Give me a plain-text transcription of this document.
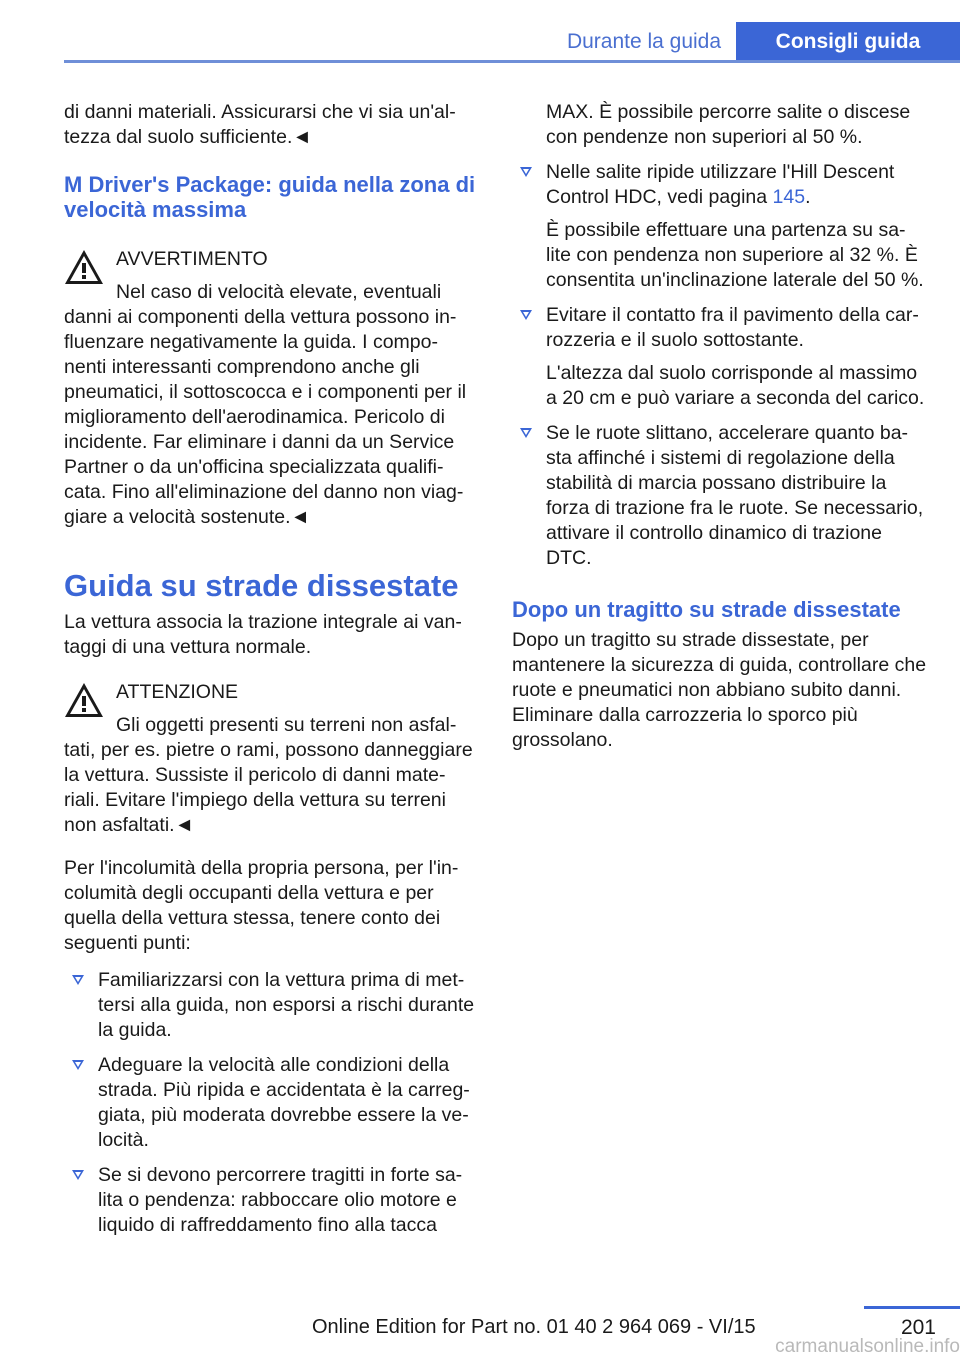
Durante la guida	Consigli guida

di danni materiali. Assicurarsi che vi sia un'al-tezza dal suolo sufficiente.◄

M Driver's Package: guida nella zona di velocità massima

AVVERTIMENTO

Nel caso di velocità elevate, eventuali danni ai componenti della vettura possono in-fluenzare negativamente la guida. I compo-nenti interessanti comprendono anche gli pneumatici, il sottoscocca e i componenti per il miglioramento dell'aerodinamica. Pericolo di incidente. Far eliminare i danni da un Service Partner o da un'officina specializzata qualifi-cata. Fino all'eliminazione del danno non viag-giare a velocità sostenute.◄

Guida su strade dissestate

La vettura associa la trazione integrale ai van-taggi di una vettura normale.

ATTENZIONE

Gli oggetti presenti su terreni non asfal-tati, per es. pietre o rami, possono danneggiare la vettura. Sussiste il pericolo di danni mate-riali. Evitare l'impiego della vettura su terreni non asfaltati.◄

Per l'incolumità della propria persona, per l'in-columità degli occupanti della vettura e per quella della vettura stessa, tenere conto dei seguenti punti:

Familiarizzarsi con la vettura prima di met-tersi alla guida, non esporsi a rischi durante la guida.

Adeguare la velocità alle condizioni della strada. Più ripida e accidentata è la carreg-giata, più moderata dovrebbe essere la ve-locità.

Se si devono percorrere tragitti in forte sa-lita o pendenza: rabboccare olio motore e liquido di raffreddamento fino alla tacca

MAX. È possibile percorre salite o discese con pendenze non superiori al 50 %.

Nelle salite ripide utilizzare l'Hill Descent Control HDC, vedi pagina 145.

È possibile effettuare una partenza su sa-lite con pendenza non superiore al 32 %. È consentita un'inclinazione laterale del 50 %.

Evitare il contatto fra il pavimento della car-rozzeria e il suolo sottostante.

L'altezza dal suolo corrisponde al massimo a 20 cm e può variare a seconda del carico.

Se le ruote slittano, accelerare quanto ba-sta affinché i sistemi di regolazione della stabilità di marcia possano distribuire la forza di trazione fra le ruote. Se necessario, attivare il controllo dinamico di trazione DTC.

Dopo un tragitto su strade dissestate

Dopo un tragitto su strade dissestate, per mantenere la sicurezza di guida, controllare che ruote e pneumatici non abbiano subito danni. Eliminare dalla carrozzeria lo sporco più grossolano.

201
Online Edition for Part no. 01 40 2 964 069 - VI/15
carmanualsonline.info
